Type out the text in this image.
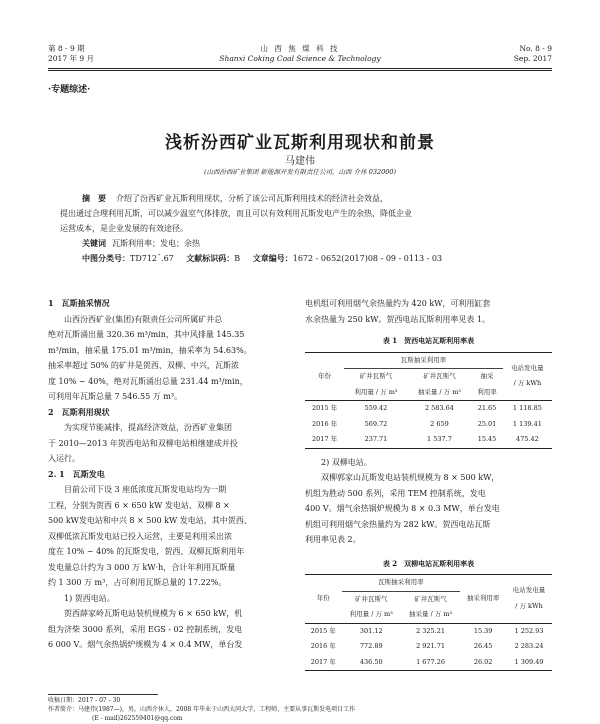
第 8 - 9 期
2017 年 9 月
山 西 焦 煤 科 技
Shanxi Coking Coal Science & Technology
No. 8 - 9
Sep. 2017
·专题综述·
浅析汾西矿业瓦斯利用现状和前景
马建伟
(山西汾西矿业集团 新能源开发有限责任公司，山西 介休 032000)
摘　要 介绍了汾西矿业瓦斯利用现状，分析了该公司瓦斯利用技术的经济社会效益，
提出通过合理利用瓦斯，可以减少温室气体排放，而且可以有效利用瓦斯发电产生的余热，降低企业
运营成本，是企业发展的有效途径。
关键词 瓦斯利用率；发电；余热
中图分类号：TD712ˉ.67 文献标识码：B 文章编号：1672 - 0652(2017)08 - 09 - 0113 - 03

1　瓦斯抽采情况

山西汾西矿业(集团)有限责任公司所属矿井总

绝对瓦斯涌出量 320.36 m³/min，其中风排量 145.35

m³/min，抽采量 175.01 m³/min，抽采率为 54.63%。

抽采率超过 50% 的矿井是贺西、双柳、中兴，瓦斯浓

度 10% ~ 40%，绝对瓦斯涌出总量 231.44 m³/min，

可利用年瓦斯总量 7 546.55 万 m³。

2　瓦斯利用现状

为实现节能减排，提高经济效益，汾西矿业集团

于 2010—2013 年贺西电站和双柳电站相继建成并投

入运行。

2. 1　瓦斯发电

目前公司下设 3 座低浓度瓦斯发电站均为一期

工程，分别为贺西 6 × 650 kW 发电站、双柳 8 ×

500 kW发电站和中兴 8 × 500 kW 发电站，其中贺西、

双柳低浓瓦斯发电站已投入运营，主要是利用采出浓

度在 10% ~ 40% 的瓦斯发电，贺西、双柳瓦斯利用年

发电量总计约为 3 000 万 kW·h，合计年利用瓦斯量

约 1 300 万 m³，占可利用瓦斯总量的 17.22%。

1) 贺西电站。

贺西薛家岭瓦斯电站装机规模为 6 × 650 kW，机

组为济柴 3000 系列，采用 EGS - 02 控制系统，发电

6 000 V。烟气余热锅炉规模为 4 × 0.4 MW，单台发

收稿日期：2017 - 07 - 30
作者简介：马建伟(1987—)，男，山西介休人，2008 年毕业于山西大同大学，工程师，主要从事瓦斯发电项目工作
(E - mail)262559401@qq.com

电机组可利用烟气余热量约为 420 kW，可利用缸套

水余热量为 250 kW。贺西电站瓦斯利用率见表 1。

表 1　贺西电站瓦斯利用率表
年份	瓦斯抽采利用率			电站发电量
/ 万 kWh

	矿井瓦斯气	矿井瓦斯气	抽采	
	利用量 / 万 m³	抽采量 / 万 m³	利用率	
2015 年	559.42	2 583.64	21.65	1 118.85
2016 年	569.72	2 659	25.01	1 139.41
2017 年	237.71	1 537.7	15.45	475.42

2) 双柳电站。

双柳郭家山瓦斯发电站装机规模为 8 × 500 kW，

机组为胜动 500 系列，采用 TEM 控制系统，发电

400 V。烟气余热锅炉规模为 8 × 0.3 MW，单台发电

机组可利用烟气余热量约为 282 kW。贺西电站瓦斯

利用率见表 2。

表 2　双柳电站瓦斯利用率表
年份	瓦斯抽采利用率		抽采利用率	电站发电量
/ 万 kWh

	矿井瓦斯气	矿井瓦斯气		
	利用量 / 万 m³	抽采量 / 万 m³		
2015 年	301.12	2 325.21	15.39	1 252.93
2016 年	772.89	2 921.71	26.45	2 283.24
2017 年	436.50	1 677.26	26.02	1 309.49
